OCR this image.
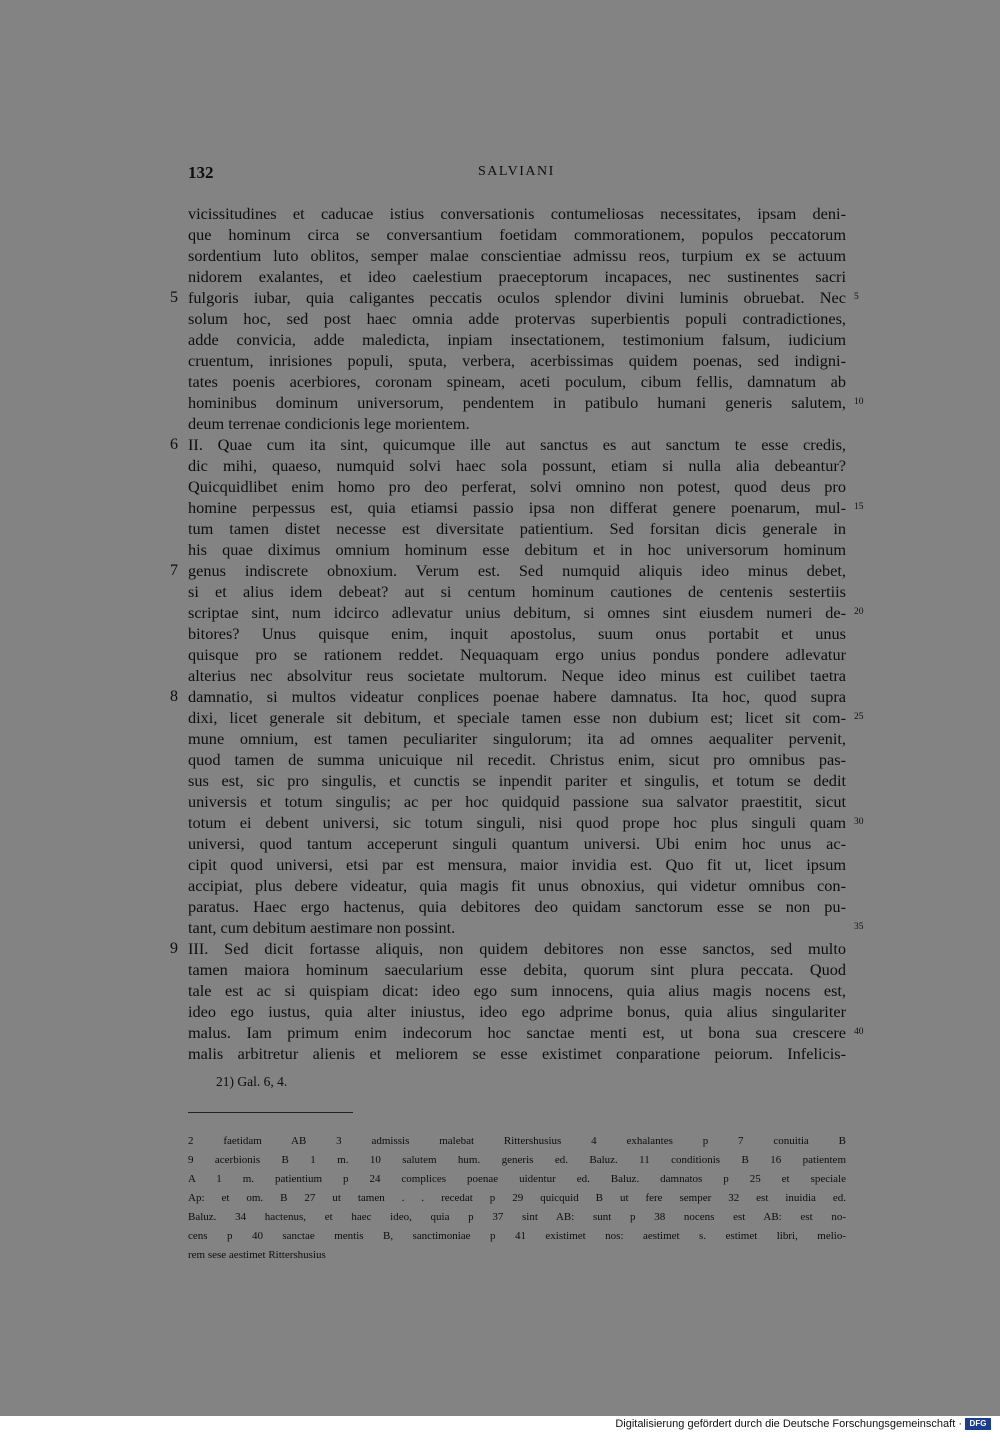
132	SALVIANI
vicissitudines et caducae istius conversationis contumeliosas necessitates, ipsam deni-
que hominum circa se conversantium foetidam commorationem, populos peccatorum
sordentium luto oblitos, semper malae conscientiae admissu reos, turpium ex se actuum
nidorem exalantes, et ideo caelestium praeceptorum incapaces, nec sustinentes sacri
fulgoris iubar, quia caligantes peccatis oculos splendor divini luminis obruebat. Nec
solum hoc, sed post haec omnia adde protervas superbientis populi contradictiones,
adde convicia, adde maledicta, inpiam insectationem, testimonium falsum, iudicium
cruentum, inrisiones populi, sputa, verbera, acerbissimas quidem poenas, sed indigni-
tates poenis acerbiores, coronam spineam, aceti poculum, cibum fellis, damnatum ab
hominibus dominum universorum, pendentem in patibulo humani generis salutem,
deum terrenae condicionis lege morientem.
II. Quae cum ita sint, quicumque ille aut sanctus es aut sanctum te esse credis,
dic mihi, quaeso, numquid solvi haec sola possunt, etiam si nulla alia debeantur?
Quicquidlibet enim homo pro deo perferat, solvi omnino non potest, quod deus pro
homine perpessus est, quia etiamsi passio ipsa non differat genere poenarum, mul-
tum tamen distet necesse est diversitate patientium. Sed forsitan dicis generale in
his quae diximus omnium hominum esse debitum et in hoc universorum hominum
genus indiscrete obnoxium. Verum est. Sed numquid aliquis ideo minus debet,
si et alius idem debeat? aut si centum hominum cautiones de centenis sestertiis
scriptae sint, num idcirco adlevatur unius debitum, si omnes sint eiusdem numeri de-
bitores? Unus quisque enim, inquit apostolus, suum onus portabit et unus
quisque pro se rationem reddet. Nequaquam ergo unius pondus pondere adlevatur
alterius nec absolvitur reus societate multorum. Neque ideo minus est cuilibet taetra
damnatio, si multos videatur conplices poenae habere damnatus. Ita hoc, quod supra
dixi, licet generale sit debitum, et speciale tamen esse non dubium est; licet sit com-
mune omnium, est tamen peculiariter singulorum; ita ad omnes aequaliter pervenit,
quod tamen de summa unicuique nil recedit. Christus enim, sicut pro omnibus pas-
sus est, sic pro singulis, et cunctis se inpendit pariter et singulis, et totum se dedit
universis et totum singulis; ac per hoc quidquid passione sua salvator praestitit, sicut
totum ei debent universi, sic totum singuli, nisi quod prope hoc plus singuli quam
universi, quod tantum acceperunt singuli quantum universi. Ubi enim hoc unus ac-
cipit quod universi, etsi par est mensura, maior invidia est. Quo fit ut, licet ipsum
accipiat, plus debere videatur, quia magis fit unus obnoxius, qui videtur omnibus con-
paratus. Haec ergo hactenus, quia debitores deo quidam sanctorum esse se non pu-
tant, cum debitum aestimare non possint.
III. Sed dicit fortasse aliquis, non quidem debitores non esse sanctos, sed multo
tamen maiora hominum saecularium esse debita, quorum sint plura peccata. Quod
tale est ac si quispiam dicat: ideo ego sum innocens, quia alius magis nocens est,
ideo ego iustus, quia alter iniustus, ideo ego adprime bonus, quia alius singulariter
malus. Iam primum enim indecorum hoc sanctae menti est, ut bona sua crescere
malis arbitretur alienis et meliorem se esse existimet conparatione peiorum. Infelicis-
5
6
7
8
9
5
10
15
20
25
30
35
40
21) Gal. 6, 4.
2 faetidam AB 3 admissis malebat Rittershusius 4 exhalantes p 7 conuitia B
9 acerbionis B 1 m. 10 salutem hum. generis ed. Baluz. 11 conditionis B 16 patientem
A 1 m. patientium p 24 complices poenae uidentur ed. Baluz. damnatos p 25 et speciale
Ap: et om. B 27 ut tamen . . recedat p 29 quicquid B ut fere semper 32 est inuidia ed.
Baluz. 34 hactenus, et haec ideo, quia p 37 sint AB: sunt p 38 nocens est AB: est no-
cens p 40 sanctae mentis B, sanctimoniae p 41 existimet nos: aestimet s. estimet libri, melio-
rem sese aestimet Rittershusius
Digitalisierung gefördert durch die Deutsche Forschungsgemeinschaft · DFG
